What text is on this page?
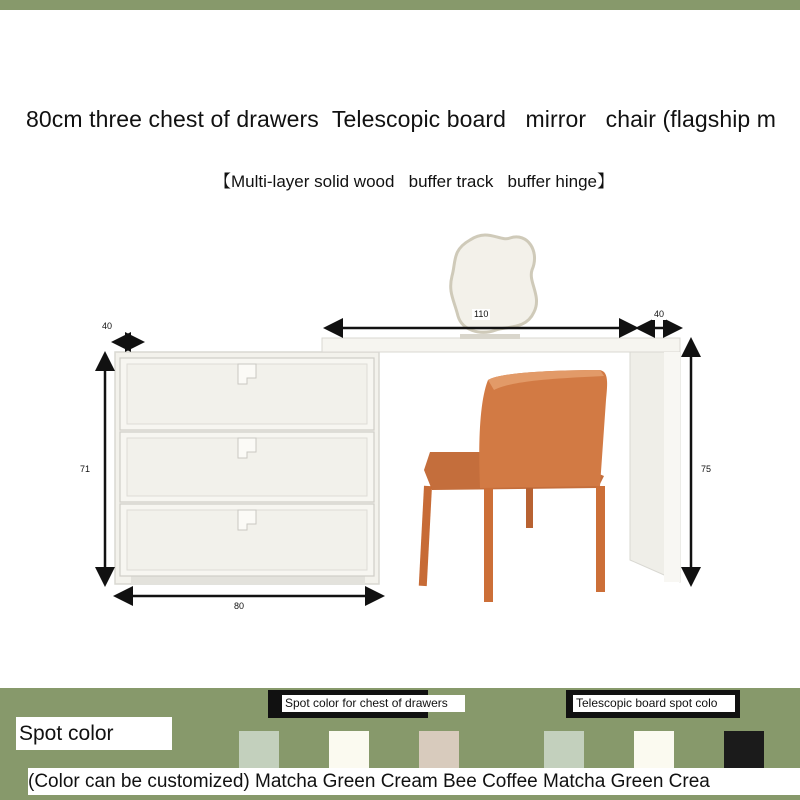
80cm three chest of drawers  Telescopic board   mirror   chair (flagship m
【Multi-layer solid wood   buffer track   buffer hinge】
40
110	40
71	75
80
Spot color
Spot color for chest of drawers	Telescopic board spot colo
(Color can be customized) Matcha Green Cream Bee Coffee Matcha Green Crea
